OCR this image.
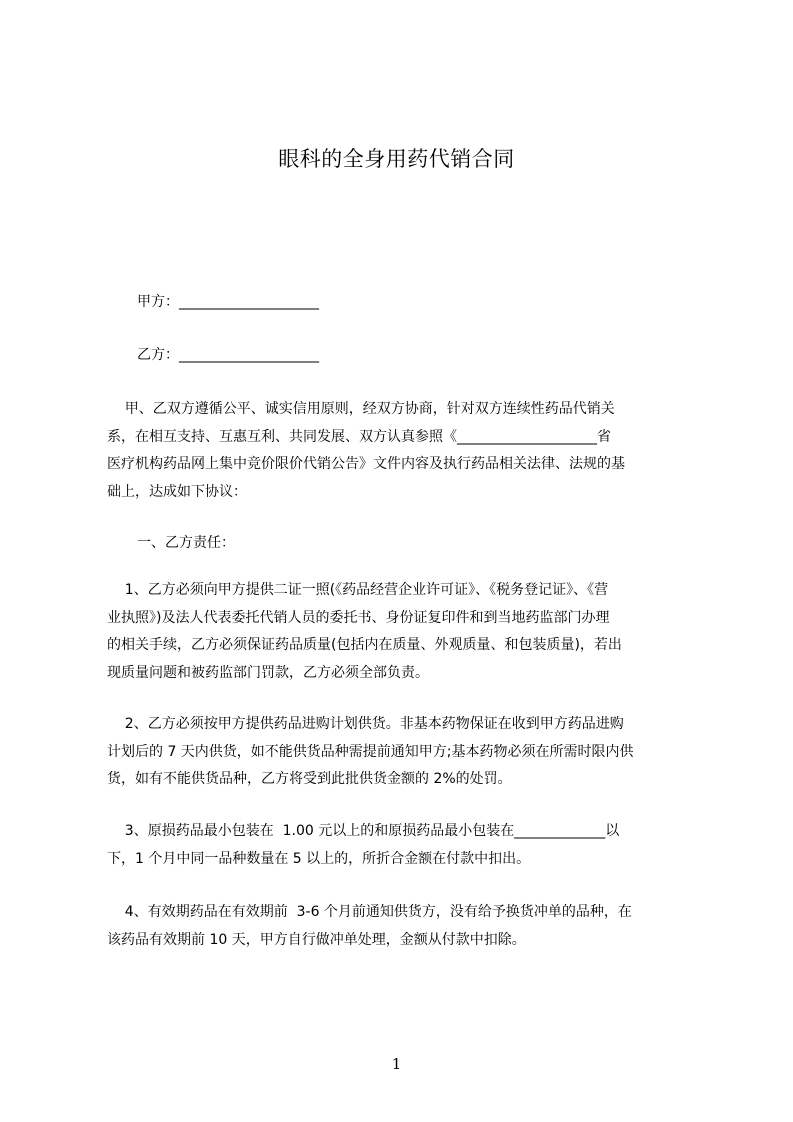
眼科的全身用药代销合同
甲方：____________________
乙方：____________________
甲、乙双方遵循公平、诚实信用原则，经双方协商，针对双方连续性药品代销关
系，在相互支持、互惠互利、共同发展、双方认真参照《____________________省
医疗机构药品网上集中竞价限价代销公告》文件内容及执行药品相关法律、法规的基
础上，达成如下协议：
一、乙方责任：
1、乙方必须向甲方提供二证一照(《药品经营企业许可证》、《税务登记证》、《营
业执照》)及法人代表委托代销人员的委托书、身份证复印件和到当地药监部门办理
的相关手续，乙方必须保证药品质量(包括内在质量、外观质量、和包装质量)，若出
现质量问题和被药监部门罚款，乙方必须全部负责。
2、乙方必须按甲方提供药品进购计划供货。非基本药物保证在收到甲方药品进购
计划后的 7 天内供货，如不能供货品种需提前通知甲方;基本药物必须在所需时限内供
货，如有不能供货品种，乙方将受到此批供货金额的 2%的处罚。
3、原损药品最小包装在  1.00 元以上的和原损药品最小包装在_____________以
下，1 个月中同一品种数量在 5 以上的，所折合金额在付款中扣出。
4、有效期药品在有效期前  3-6 个月前通知供货方，没有给予换货冲单的品种，在
该药品有效期前 10 天，甲方自行做冲单处理，金额从付款中扣除。
1
